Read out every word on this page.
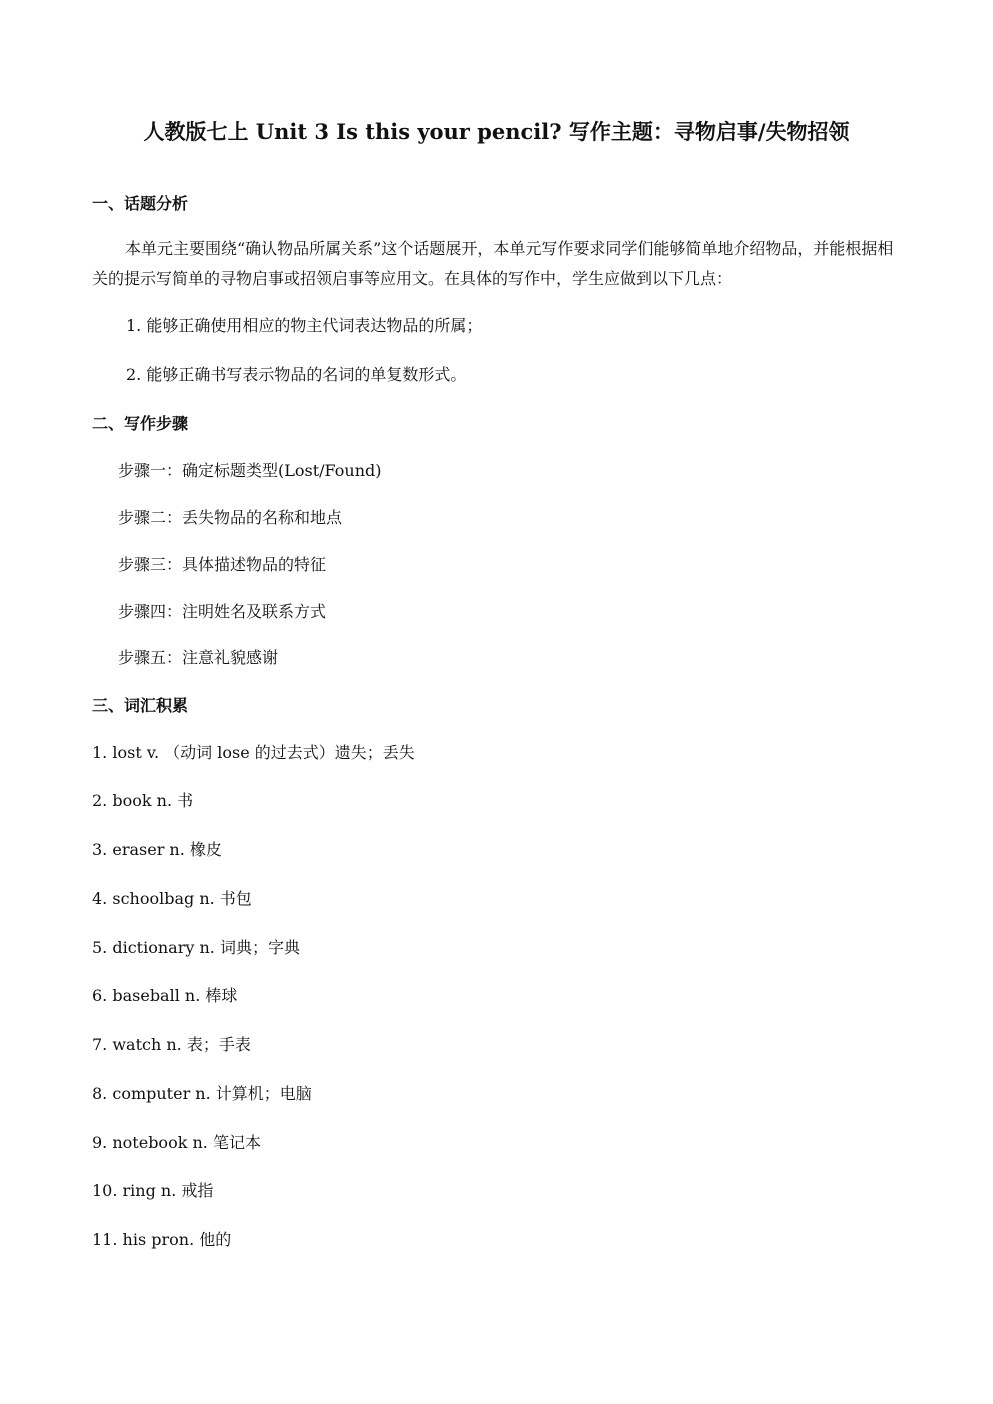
人教版七上 Unit 3 Is this your pencil? 写作主题：寻物启事/失物招领
一、话题分析
本单元主要围绕“确认物品所属关系”这个话题展开，本单元写作要求同学们能够简单地介绍物品，并能根据相关的提示写简单的寻物启事或招领启事等应用文。在具体的写作中，学生应做到以下几点：
1. 能够正确使用相应的物主代词表达物品的所属；
2. 能够正确书写表示物品的名词的单复数形式。
二、写作步骤
步骤一：确定标题类型(Lost/Found)
步骤二：丢失物品的名称和地点
步骤三：具体描述物品的特征
步骤四：注明姓名及联系方式
步骤五：注意礼貌感谢
三、词汇积累
1. lost v. （动词 lose 的过去式）遗失；丢失
2. book n. 书
3. eraser n. 橡皮
4. schoolbag n. 书包
5. dictionary n. 词典；字典
6. baseball n. 棒球
7. watch n. 表；手表
8. computer n. 计算机；电脑
9. notebook n. 笔记本
10. ring n. 戒指
11. his pron. 他的
